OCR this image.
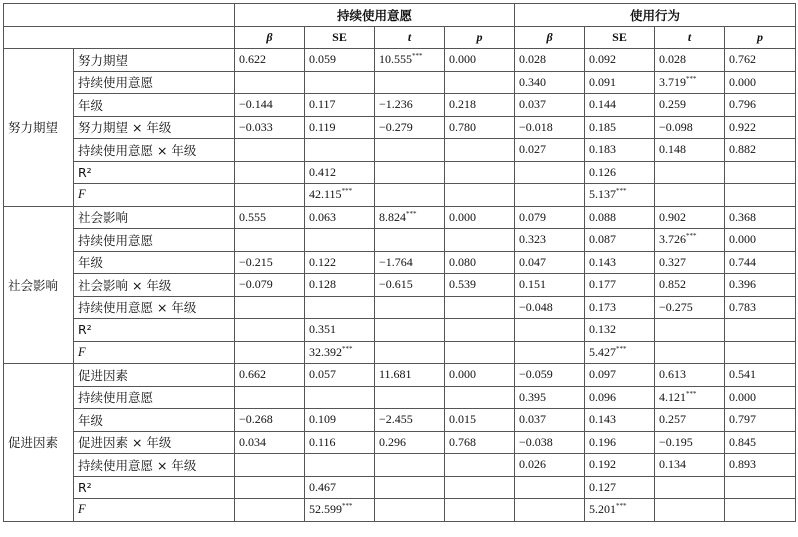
		持续使用意愿				使用行为			
		β	SE	t	p	β	SE	t	p
努力期望	努力期望	0.622	0.059	10.555***	0.000	0.028	0.092	0.028	0.762
	持续使用意愿					0.340	0.091	3.719***	0.000
	年级	−0.144	0.117	−1.236	0.218	0.037	0.144	0.259	0.796
	努力期望 × 年级	−0.033	0.119	−0.279	0.780	−0.018	0.185	−0.098	0.922
	持续使用意愿 × 年级					0.027	0.183	0.148	0.882
	R²		0.412				0.126		
	F		42.115***				5.137***		
社会影响	社会影响	0.555	0.063	8.824***	0.000	0.079	0.088	0.902	0.368
	持续使用意愿					0.323	0.087	3.726***	0.000
	年级	−0.215	0.122	−1.764	0.080	0.047	0.143	0.327	0.744
	社会影响 × 年级	−0.079	0.128	−0.615	0.539	0.151	0.177	0.852	0.396
	持续使用意愿 × 年级					−0.048	0.173	−0.275	0.783
	R²		0.351				0.132		
	F		32.392***				5.427***		
促进因素	促进因素	0.662	0.057	11.681	0.000	−0.059	0.097	0.613	0.541
	持续使用意愿					0.395	0.096	4.121***	0.000
	年级	−0.268	0.109	−2.455	0.015	0.037	0.143	0.257	0.797
	促进因素 × 年级	0.034	0.116	0.296	0.768	−0.038	0.196	−0.195	0.845
	持续使用意愿 × 年级					0.026	0.192	0.134	0.893
	R²		0.467				0.127		
	F		52.599***				5.201***		
